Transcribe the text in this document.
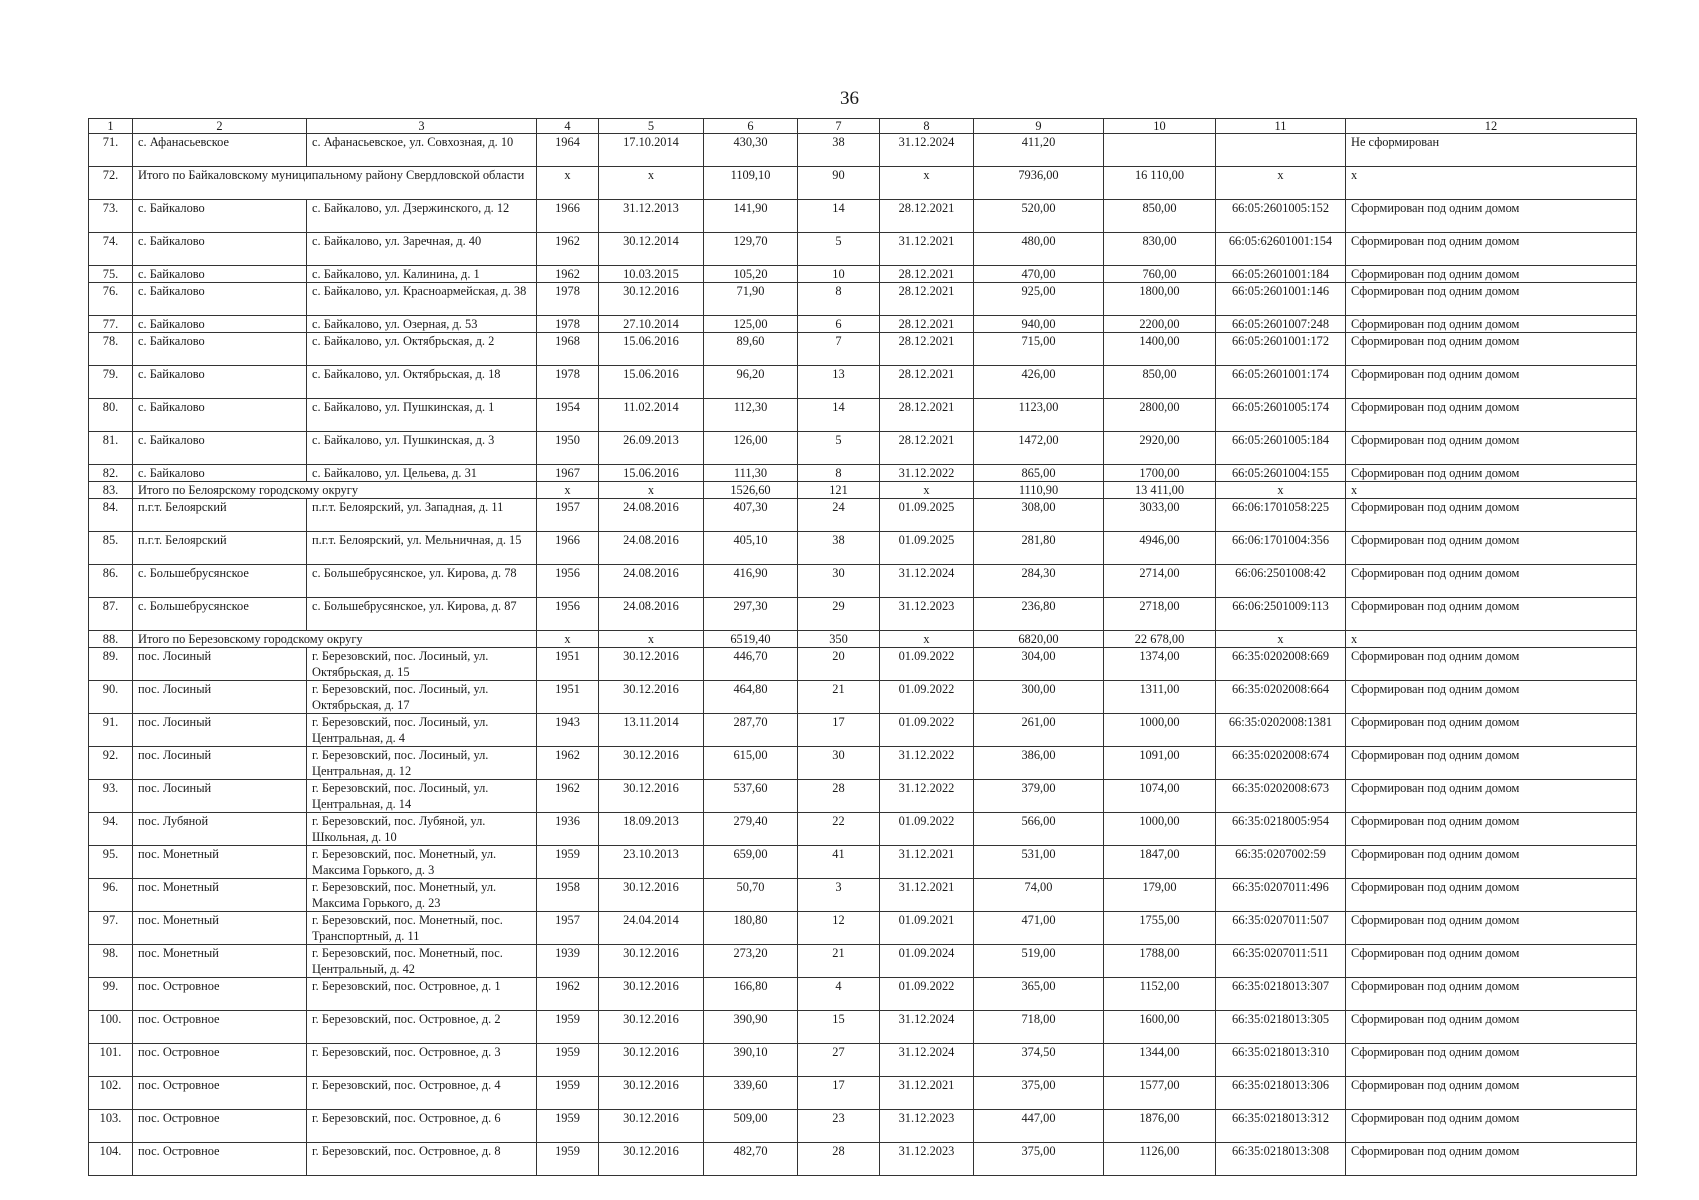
36
1	2	3	4	5	6	7	8	9	10	11	12
71.	с. Афанасьевское	с. Афанасьевское, ул. Совхозная, д. 10	1964	17.10.2014	430,30	38	31.12.2024	411,20			Не сформирован
72.	Итого по Байкаловскому муниципальному району Свердловской области		x	x	1109,10	90	x	7936,00	16 110,00	x	x
73.	с. Байкалово	с. Байкалово, ул. Дзержинского, д. 12	1966	31.12.2013	141,90	14	28.12.2021	520,00	850,00	66:05:2601005:152	Сформирован под одним домом
74.	с. Байкалово	с. Байкалово, ул. Заречная, д. 40	1962	30.12.2014	129,70	5	31.12.2021	480,00	830,00	66:05:62601001:154	Сформирован под одним домом
75.	с. Байкалово	с. Байкалово, ул. Калинина, д. 1	1962	10.03.2015	105,20	10	28.12.2021	470,00	760,00	66:05:2601001:184	Сформирован под одним домом
76.	с. Байкалово	с. Байкалово, ул. Красноармейская, д. 38	1978	30.12.2016	71,90	8	28.12.2021	925,00	1800,00	66:05:2601001:146	Сформирован под одним домом
77.	с. Байкалово	с. Байкалово, ул. Озерная, д. 53	1978	27.10.2014	125,00	6	28.12.2021	940,00	2200,00	66:05:2601007:248	Сформирован под одним домом
78.	с. Байкалово	с. Байкалово, ул. Октябрьская, д. 2	1968	15.06.2016	89,60	7	28.12.2021	715,00	1400,00	66:05:2601001:172	Сформирован под одним домом
79.	с. Байкалово	с. Байкалово, ул. Октябрьская, д. 18	1978	15.06.2016	96,20	13	28.12.2021	426,00	850,00	66:05:2601001:174	Сформирован под одним домом
80.	с. Байкалово	с. Байкалово, ул. Пушкинская, д. 1	1954	11.02.2014	112,30	14	28.12.2021	1123,00	2800,00	66:05:2601005:174	Сформирован под одним домом
81.	с. Байкалово	с. Байкалово, ул. Пушкинская, д. 3	1950	26.09.2013	126,00	5	28.12.2021	1472,00	2920,00	66:05:2601005:184	Сформирован под одним домом
82.	с. Байкалово	с. Байкалово, ул. Цельева, д. 31	1967	15.06.2016	111,30	8	31.12.2022	865,00	1700,00	66:05:2601004:155	Сформирован под одним домом
83.	Итого по Белоярскому городскому округу		x	x	1526,60	121	x	1110,90	13 411,00	x	x
84.	п.г.т. Белоярский	п.г.т. Белоярский, ул. Западная, д. 11	1957	24.08.2016	407,30	24	01.09.2025	308,00	3033,00	66:06:1701058:225	Сформирован под одним домом
85.	п.г.т. Белоярский	п.г.т. Белоярский, ул. Мельничная, д. 15	1966	24.08.2016	405,10	38	01.09.2025	281,80	4946,00	66:06:1701004:356	Сформирован под одним домом
86.	с. Большебрусянское	с. Большебрусянское, ул. Кирова, д. 78	1956	24.08.2016	416,90	30	31.12.2024	284,30	2714,00	66:06:2501008:42	Сформирован под одним домом
87.	с. Большебрусянское	с. Большебрусянское, ул. Кирова, д. 87	1956	24.08.2016	297,30	29	31.12.2023	236,80	2718,00	66:06:2501009:113	Сформирован под одним домом
88.	Итого по Березовскому городскому округу		x	x	6519,40	350	x	6820,00	22 678,00	x	x
89.	пос. Лосиный	г. Березовский, пос. Лосиный, ул. Октябрьская, д. 15	1951	30.12.2016	446,70	20	01.09.2022	304,00	1374,00	66:35:0202008:669	Сформирован под одним домом
90.	пос. Лосиный	г. Березовский, пос. Лосиный, ул. Октябрьская, д. 17	1951	30.12.2016	464,80	21	01.09.2022	300,00	1311,00	66:35:0202008:664	Сформирован под одним домом
91.	пос. Лосиный	г. Березовский, пос. Лосиный, ул. Центральная, д. 4	1943	13.11.2014	287,70	17	01.09.2022	261,00	1000,00	66:35:0202008:1381	Сформирован под одним домом
92.	пос. Лосиный	г. Березовский, пос. Лосиный, ул. Центральная, д. 12	1962	30.12.2016	615,00	30	31.12.2022	386,00	1091,00	66:35:0202008:674	Сформирован под одним домом
93.	пос. Лосиный	г. Березовский, пос. Лосиный, ул. Центральная, д. 14	1962	30.12.2016	537,60	28	31.12.2022	379,00	1074,00	66:35:0202008:673	Сформирован под одним домом
94.	пос. Лубяной	г. Березовский, пос. Лубяной, ул. Школьная, д. 10	1936	18.09.2013	279,40	22	01.09.2022	566,00	1000,00	66:35:0218005:954	Сформирован под одним домом
95.	пос. Монетный	г. Березовский, пос. Монетный, ул. Максима Горького, д. 3	1959	23.10.2013	659,00	41	31.12.2021	531,00	1847,00	66:35:0207002:59	Сформирован под одним домом
96.	пос. Монетный	г. Березовский, пос. Монетный, ул. Максима Горького, д. 23	1958	30.12.2016	50,70	3	31.12.2021	74,00	179,00	66:35:0207011:496	Сформирован под одним домом
97.	пос. Монетный	г. Березовский, пос. Монетный, пос. Транспортный, д. 11	1957	24.04.2014	180,80	12	01.09.2021	471,00	1755,00	66:35:0207011:507	Сформирован под одним домом
98.	пос. Монетный	г. Березовский, пос. Монетный, пос. Центральный, д. 42	1939	30.12.2016	273,20	21	01.09.2024	519,00	1788,00	66:35:0207011:511	Сформирован под одним домом
99.	пос. Островное	г. Березовский, пос. Островное, д. 1	1962	30.12.2016	166,80	4	01.09.2022	365,00	1152,00	66:35:0218013:307	Сформирован под одним домом
100.	пос. Островное	г. Березовский, пос. Островное, д. 2	1959	30.12.2016	390,90	15	31.12.2024	718,00	1600,00	66:35:0218013:305	Сформирован под одним домом
101.	пос. Островное	г. Березовский, пос. Островное, д. 3	1959	30.12.2016	390,10	27	31.12.2024	374,50	1344,00	66:35:0218013:310	Сформирован под одним домом
102.	пос. Островное	г. Березовский, пос. Островное, д. 4	1959	30.12.2016	339,60	17	31.12.2021	375,00	1577,00	66:35:0218013:306	Сформирован под одним домом
103.	пос. Островное	г. Березовский, пос. Островное, д. 6	1959	30.12.2016	509,00	23	31.12.2023	447,00	1876,00	66:35:0218013:312	Сформирован под одним домом
104.	пос. Островное	г. Березовский, пос. Островное, д. 8	1959	30.12.2016	482,70	28	31.12.2023	375,00	1126,00	66:35:0218013:308	Сформирован под одним домом
